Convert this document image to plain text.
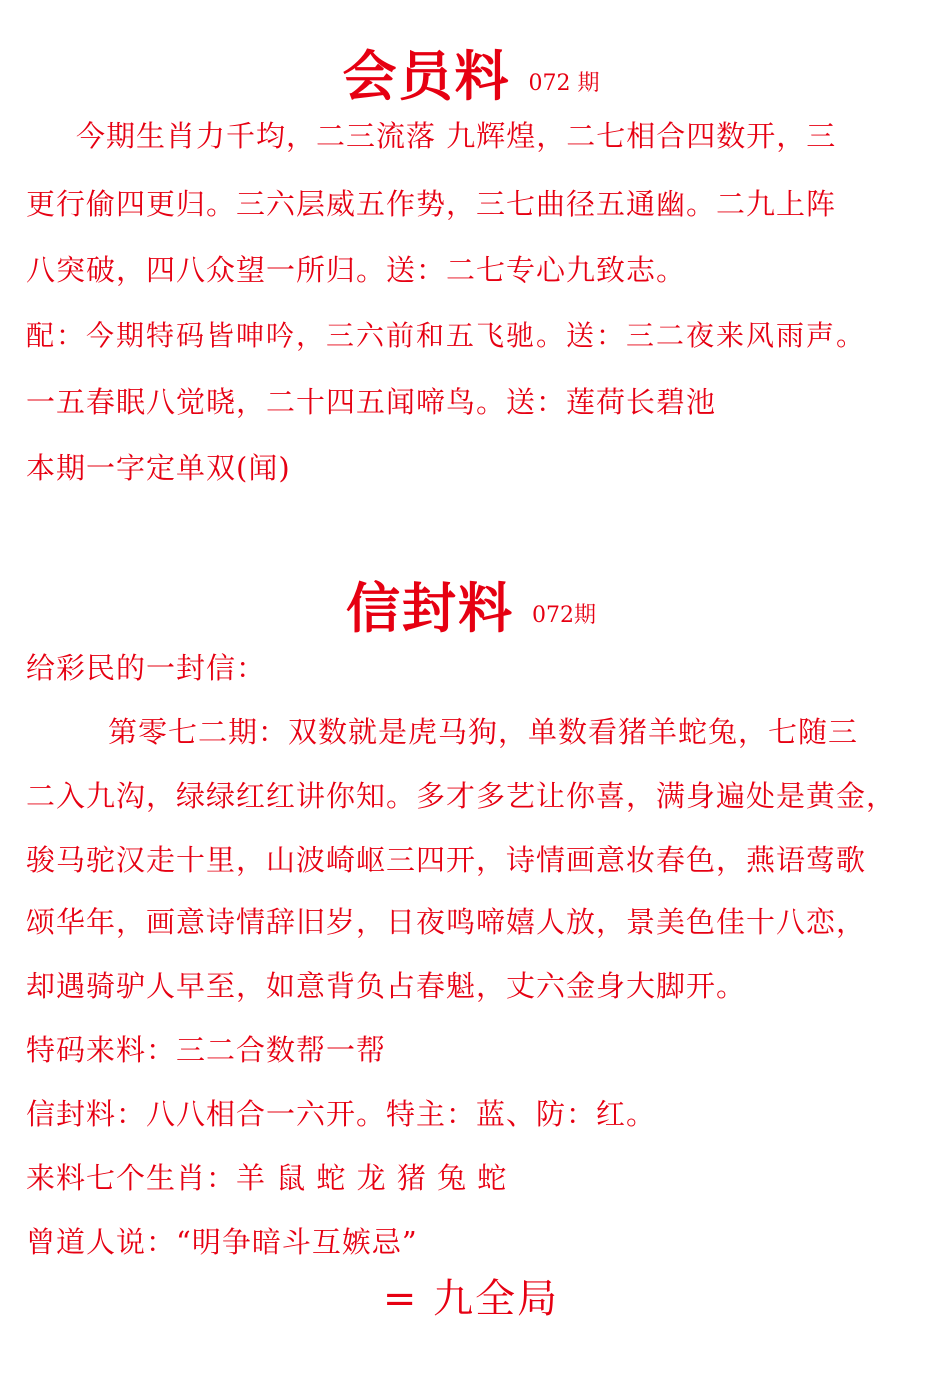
会员料 072 期
今期生肖力千均，二三流落 九辉煌，二七相合四数开，三
更行偷四更归。三六层威五作势，三七曲径五通幽。二九上阵
八突破，四八众望一所归。送：二七专心九致志。
配：今期特码皆呻吟，三六前和五飞驰。送：三二夜来风雨声。
一五春眠八觉晓，二十四五闻啼鸟。送：莲荷长碧池
本期一字定单双(闻)
信封料 072期
给彩民的一封信：
第零七二期：双数就是虎马狗，单数看猪羊蛇兔，七随三
二入九沟，绿绿红红讲你知。多才多艺让你喜，满身遍处是黄金，
骏马驼汉走十里，山波崎岖三四开，诗情画意妆春色，燕语莺歌
颂华年，画意诗情辞旧岁，日夜鸣啼嬉人放，景美色佳十八恋，
却遇骑驴人早至，如意背负占春魁，丈六金身大脚开。
特码来料：三二合数帮一帮
信封料：八八相合一六开。特主：蓝、防：红。
来料七个生肖：羊 鼠 蛇 龙 猪 兔 蛇
曾道人说：“明争暗斗互嫉忌”
= 九全局
